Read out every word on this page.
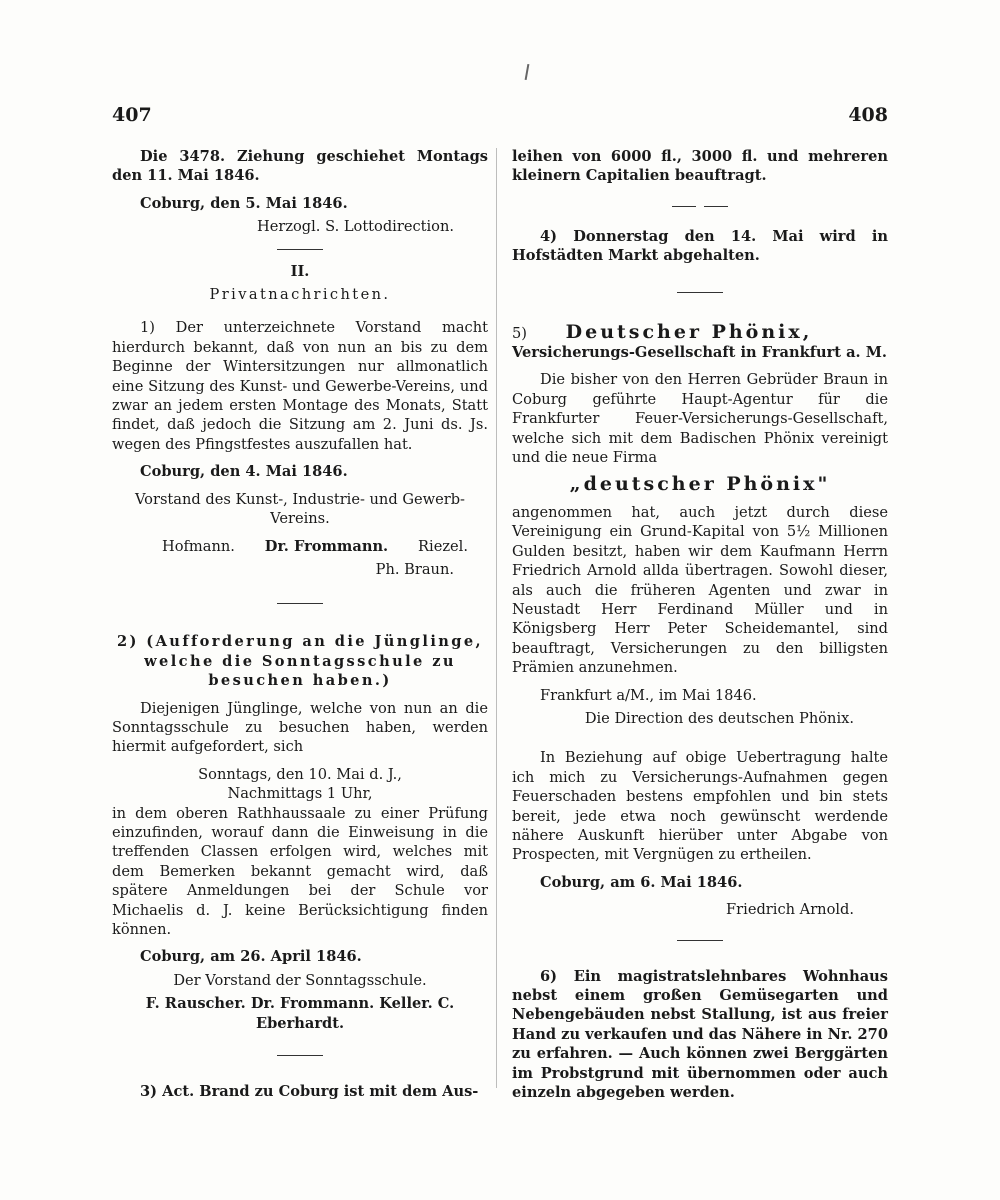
407	408

Die 3478. Ziehung geschiehet Montags den 11. Mai 1846.

Coburg, den 5. Mai 1846.

Herzogl. S. Lottodirection.

II.

Privatnachrichten.

1) Der unterzeichnete Vorstand macht hierdurch bekannt, daß von nun an bis zu dem Beginne der Wintersitzungen nur allmonatlich eine Sitzung des Kunst- und Gewerbe-Vereins, und zwar an jedem ersten Montage des Monats, Statt findet, daß jedoch die Sitzung am 2. Juni ds. Js. wegen des Pfingstfestes auszufallen hat.

Coburg, den 4. Mai 1846.

Vorstand des Kunst-, Industrie- und Gewerb-Vereins.

Hofmann. Dr. Frommann. Riezel.

Ph. Braun.

2) (Aufforderung an die Jünglinge, welche die Sonntagsschule zu besuchen haben.)

Diejenigen Jünglinge, welche von nun an die Sonntagsschule zu besuchen haben, werden hiermit aufgefordert, sich

Sonntags, den 10. Mai d. J.,

Nachmittags 1 Uhr,

in dem oberen Rathhaussaale zu einer Prüfung einzufinden, worauf dann die Einweisung in die treffenden Classen erfolgen wird, welches mit dem Bemerken bekannt gemacht wird, daß spätere Anmeldungen bei der Schule vor Michaelis d. J. keine Berücksichtigung finden können.

Coburg, am 26. April 1846.

Der Vorstand der Sonntagsschule.

F. Rauscher. Dr. Frommann. Keller. C. Eberhardt.

3) Act. Brand zu Coburg ist mit dem Aus-

leihen von 6000 fl., 3000 fl. und mehreren kleinern Capitalien beauftragt.

4) Donnerstag den 14. Mai wird in Hofstädten Markt abgehalten.

5) Deutscher Phönix,

Versicherungs-Gesellschaft in Frankfurt a. M.

Die bisher von den Herren Gebrüder Braun in Coburg geführte Haupt-Agentur für die Frankfurter Feuer-Versicherungs-Gesellschaft, welche sich mit dem Badischen Phönix vereinigt und die neue Firma

„deutscher Phönix"

angenommen hat, auch jetzt durch diese Vereinigung ein Grund-Kapital von 5½ Millionen Gulden besitzt, haben wir dem Kaufmann Herrn Friedrich Arnold allda übertragen. Sowohl dieser, als auch die früheren Agenten und zwar in Neustadt Herr Ferdinand Müller und in Königsberg Herr Peter Scheidemantel, sind beauftragt, Versicherungen zu den billigsten Prämien anzunehmen.

Frankfurt a/M., im Mai 1846.

Die Direction des deutschen Phönix.

In Beziehung auf obige Uebertragung halte ich mich zu Versicherungs-Aufnahmen gegen Feuerschaden bestens empfohlen und bin stets bereit, jede etwa noch gewünscht werdende nähere Auskunft hierüber unter Abgabe von Prospecten, mit Vergnügen zu ertheilen.

Coburg, am 6. Mai 1846.

Friedrich Arnold.

6) Ein magistratslehnbares Wohnhaus nebst einem großen Gemüsegarten und Nebengebäuden nebst Stallung, ist aus freier Hand zu verkaufen und das Nähere in Nr. 270 zu erfahren. — Auch können zwei Berggärten im Probstgrund mit übernommen oder auch einzeln abgegeben werden.
